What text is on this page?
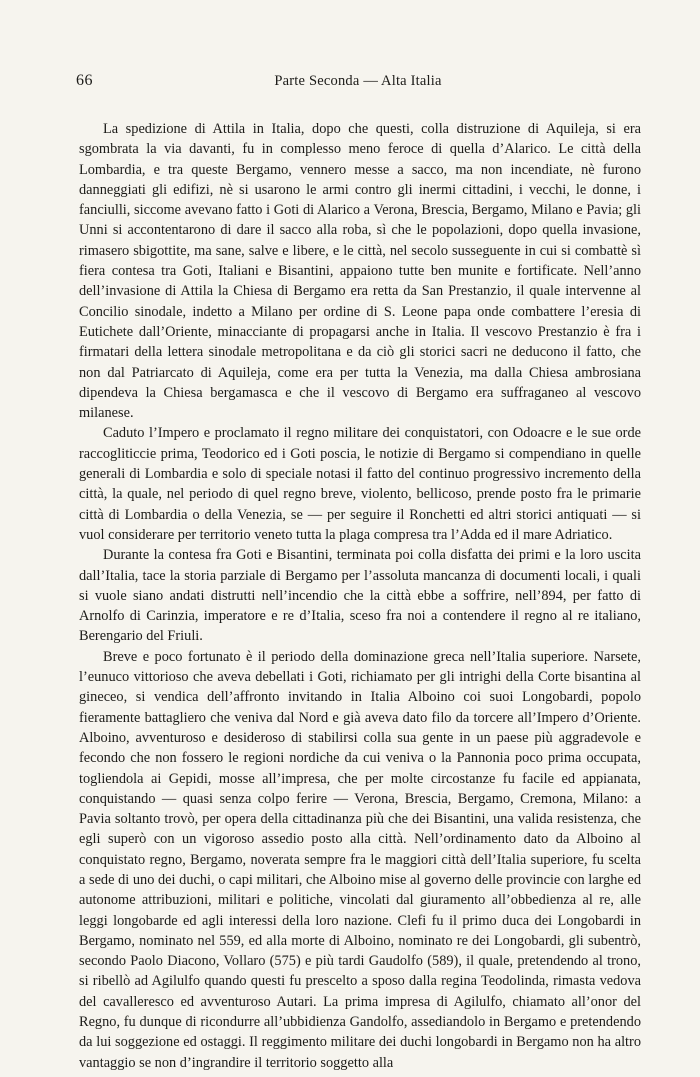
66	Parte Seconda — Alta Italia

La spedizione di Attila in Italia, dopo che questi, colla distruzione di Aquileja, si era sgombrata la via davanti, fu in complesso meno feroce di quella d’Alarico. Le città della Lombardia, e tra queste Bergamo, vennero messe a sacco, ma non incendiate, nè furono danneggiati gli edifizi, nè si usarono le armi contro gli inermi cittadini, i vecchi, le donne, i fanciulli, siccome avevano fatto i Goti di Alarico a Verona, Brescia, Bergamo, Milano e Pavia; gli Unni si accontentarono di dare il sacco alla roba, sì che le popolazioni, dopo quella invasione, rimasero sbigottite, ma sane, salve e libere, e le città, nel secolo susseguente in cui si combattè sì fiera contesa tra Goti, Italiani e Bisantini, appaiono tutte ben munite e fortificate. Nell’anno dell’invasione di Attila la Chiesa di Bergamo era retta da San Prestanzio, il quale intervenne al Concilio sinodale, indetto a Milano per ordine di S. Leone papa onde combattere l’eresia di Eutichete dall’Oriente, minacciante di propagarsi anche in Italia. Il vescovo Prestanzio è fra i firmatari della lettera sinodale metropolitana e da ciò gli storici sacri ne deducono il fatto, che non dal Patriarcato di Aquileja, come era per tutta la Venezia, ma dalla Chiesa ambrosiana dipendeva la Chiesa bergamasca e che il vescovo di Bergamo era suffraganeo al vescovo milanese.

Caduto l’Impero e proclamato il regno militare dei conquistatori, con Odoacre e le sue orde raccogliticcie prima, Teodorico ed i Goti poscia, le notizie di Bergamo si compendiano in quelle generali di Lombardia e solo di speciale notasi il fatto del continuo progressivo incremento della città, la quale, nel periodo di quel regno breve, violento, bellicoso, prende posto fra le primarie città di Lombardia o della Venezia, se — per seguire il Ronchetti ed altri storici antiquati — si vuol considerare per territorio veneto tutta la plaga compresa tra l’Adda ed il mare Adriatico.

Durante la contesa fra Goti e Bisantini, terminata poi colla disfatta dei primi e la loro uscita dall’Italia, tace la storia parziale di Bergamo per l’assoluta mancanza di documenti locali, i quali si vuole siano andati distrutti nell’incendio che la città ebbe a soffrire, nell’894, per fatto di Arnolfo di Carinzia, imperatore e re d’Italia, sceso fra noi a contendere il regno al re italiano, Berengario del Friuli.

Breve e poco fortunato è il periodo della dominazione greca nell’Italia superiore. Narsete, l’eunuco vittorioso che aveva debellati i Goti, richiamato per gli intrighi della Corte bisantina al gineceo, si vendica dell’affronto invitando in Italia Alboino coi suoi Longobardi, popolo fieramente battagliero che veniva dal Nord e già aveva dato filo da torcere all’Impero d’Oriente. Alboino, avventuroso e desideroso di stabilirsi colla sua gente in un paese più aggradevole e fecondo che non fossero le regioni nordiche da cui veniva o la Pannonia poco prima occupata, togliendola ai Gepidi, mosse all’impresa, che per molte circostanze fu facile ed appianata, conquistando — quasi senza colpo ferire — Verona, Brescia, Bergamo, Cremona, Milano: a Pavia soltanto trovò, per opera della cittadinanza più che dei Bisantini, una valida resistenza, che egli superò con un vigoroso assedio posto alla città. Nell’ordinamento dato da Alboino al conquistato regno, Bergamo, noverata sempre fra le maggiori città dell’Italia superiore, fu scelta a sede di uno dei duchi, o capi militari, che Alboino mise al governo delle provincie con larghe ed autonome attribuzioni, militari e politiche, vincolati dal giuramento all’obbedienza al re, alle leggi longobarde ed agli interessi della loro nazione. Clefi fu il primo duca dei Longobardi in Bergamo, nominato nel 559, ed alla morte di Alboino, nominato re dei Longobardi, gli subentrò, secondo Paolo Diacono, Vollaro (575) e più tardi Gaudolfo (589), il quale, pretendendo al trono, si ribellò ad Agilulfo quando questi fu prescelto a sposo dalla regina Teodolinda, rimasta vedova del cavalleresco ed avventuroso Autari. La prima impresa di Agilulfo, chiamato all’onor del Regno, fu dunque di ricondurre all’ubbidienza Gandolfo, assediandolo in Bergamo e pretendendo da lui soggezione ed ostaggi. Il reggimento militare dei duchi longobardi in Bergamo non ha altro vantaggio se non d’ingrandire il territorio soggetto alla
